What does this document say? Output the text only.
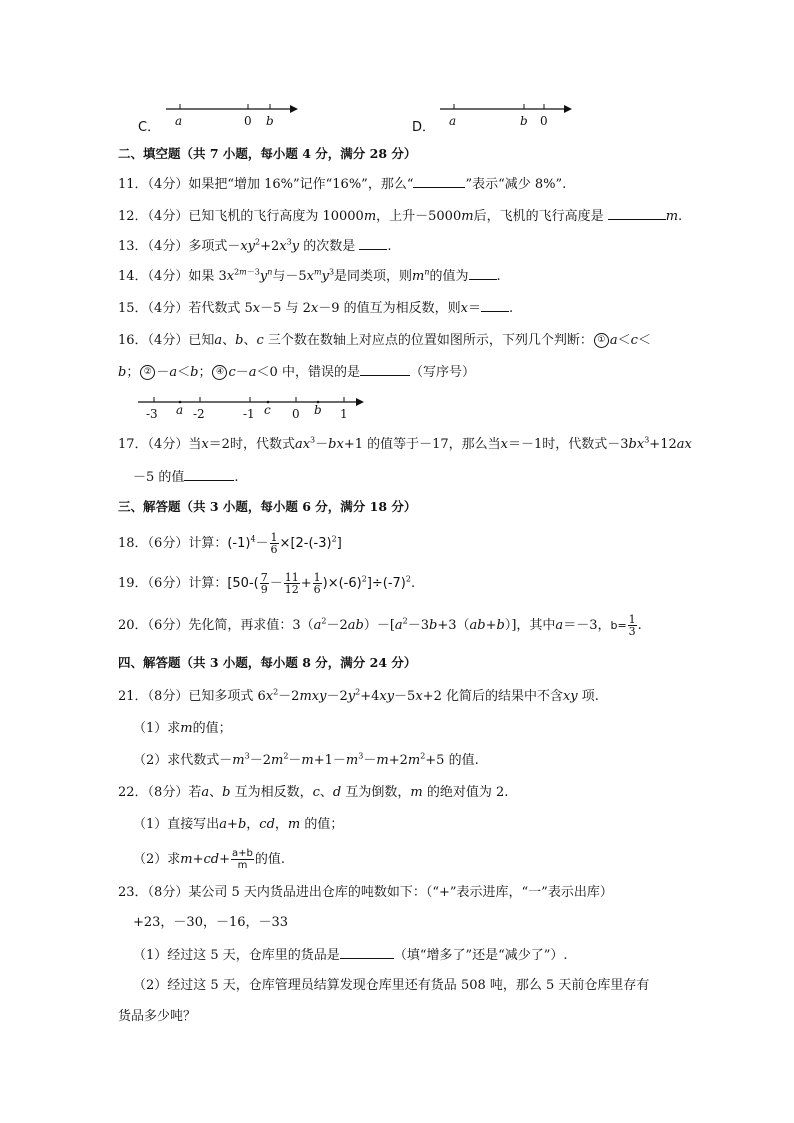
C． a	0 b	D． a	b 0
二、填空题（共 7 小题，每小题 4 分，满分 28 分）
11．（4分）如果把“增加 16%”记作“16%”，那么“	”表示“减少 8%”.
12．（4分）已知飞机的飞行高度为 10000m，上升－5000m后，飞机的飞行高度是	m.
13．（4分）多项式$-xy^2+2x^3y$ 的次数是 .
14．（4分）如果 $3x^{2m-3}y^n$与$-5x^my^3$是同类项，则$m^n$的值为 .
15．（4分）若代数式 5x－5 与 2x－9 的值互为相反数，则x＝ .
16．（4分）已知a、b、c 三个数在数轴上对应点的位置如图所示，下列几个判断： ① a＜c＜
b； ② －a＜b； ④ c－a＜0 中，错误的是	（写序号）
-3 a -2	-1 c 0 b 1
17．（4分）当x＝2时，代数式$ax^3-bx+1$ 的值等于－17，那么当x＝－1时，代数式$-3bx^3+12ax$
－5 的值	.
三、解答题（共 3 小题，每小题 6 分，满分 18 分）
18．（6分）计算：$(-1)^4- \frac{1}{6} \times[2-(-3)^2]$
19．（6分）计算：$[50-( \frac{7}{9} - \frac{11}{12} + \frac{1}{6} )\times(-6)^2]\div(-7)^2$.
20．（6分）先化简，再求值：$3(a^2-2ab)-[a^2-3b+3(ab+b)]$，其中a＝－3，$b= \frac{1}{3}$ .
四、解答题（共 3 小题，每小题 8 分，满分 24 分）
21．（8分）已知多项式 $6x^2-2mxy-2y^2+4xy-5x+2$ 化简后的结果中不含xy 项.
（1）求m的值；
（2）求代数式$-m^3-2m^2-m+1-m^3-m+2m^2+5$ 的值.
22．（8分）若a、b 互为相反数，c、d 互为倒数，m 的绝对值为 2.
（1）直接写出a+b，cd，m 的值；
（2）求$m+cd+ \frac{a+b}{m}$ 的值.
23．（8分）某公司 5 天内货品进出仓库的吨数如下：（“+”表示进库，“一”表示出库）
+23，－30，－16，－33
（1）经过这 5 天，仓库里的货品是	（填“增多了”还是“减少了”）.
（2）经过这 5 天，仓库管理员结算发现仓库里还有货品 508 吨，那么 5 天前仓库里存有
货品多少吨？
